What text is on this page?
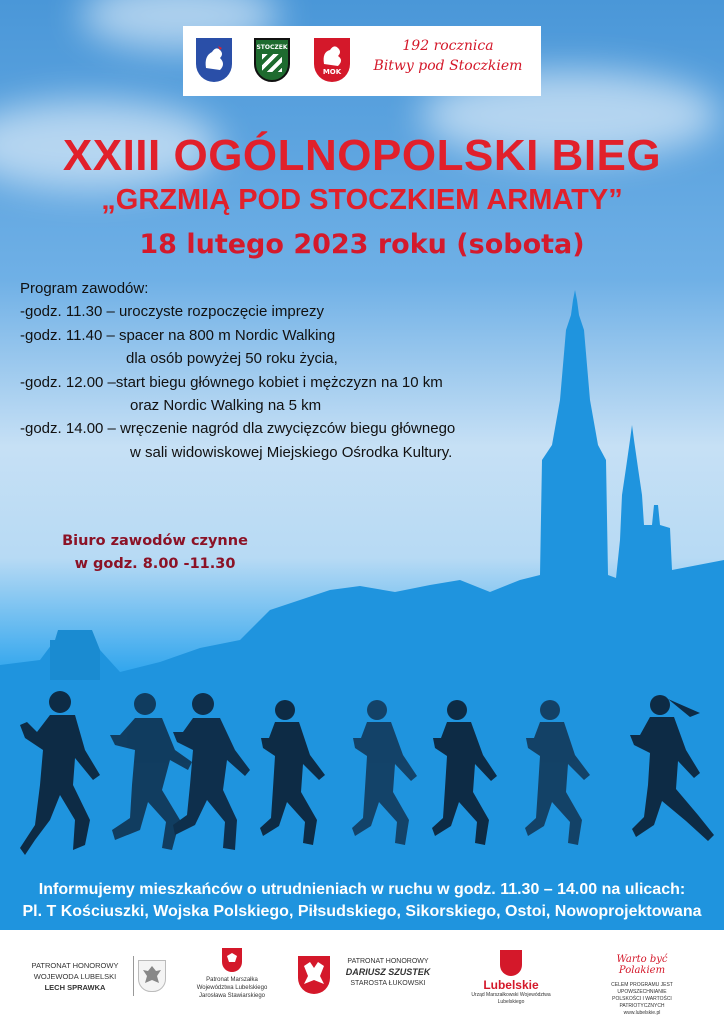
STOCZEK
MOK
192 rocznica
Bitwy pod Stoczkiem
XXIII OGÓLNOPOLSKI BIEG
„GRZMIĄ POD STOCZKIEM ARMATY”
18 lutego 2023 roku (sobota)
Program zawodów:
-godz. 11.30 – uroczyste rozpoczęcie imprezy
-godz. 11.40 – spacer na 800 m Nordic Walking
dla osób powyżej 50 roku życia,
-godz. 12.00 –start biegu głównego kobiet i mężczyzn na 10 km
oraz Nordic Walking na 5 km
-godz. 14.00 – wręczenie nagród dla zwycięzców biegu głównego
w sali widowiskowej Miejskiego Ośrodka Kultury.
Biuro zawodów czynne
w godz. 8.00 -11.30
Informujemy mieszkańców o utrudnieniach w ruchu w godz. 11.30 – 14.00 na ulicach:
Pl. T Kościuszki, Wojska Polskiego, Piłsudskiego, Sikorskiego, Ostoi, Nowoprojektowana
PATRONAT HONOROWY
WOJEWODA LUBELSKI
LECH SPRAWKA
Patronat Marszałka
Województwa Lubelskiego
Jarosława Stawiarskiego
PATRONAT HONOROWY
DARIUSZ SZUSTEK
STAROSTA ŁUKOWSKI	Lubelskie
Urząd Marszałkowski Województwa Lubelskiego
Warto być Polakiem
CELEM PROGRAMU JEST UPOWSZECHNIANIE
POLSKOŚCI I WARTOŚCI PATRIOTYCZNYCH
www.lubelskie.pl
